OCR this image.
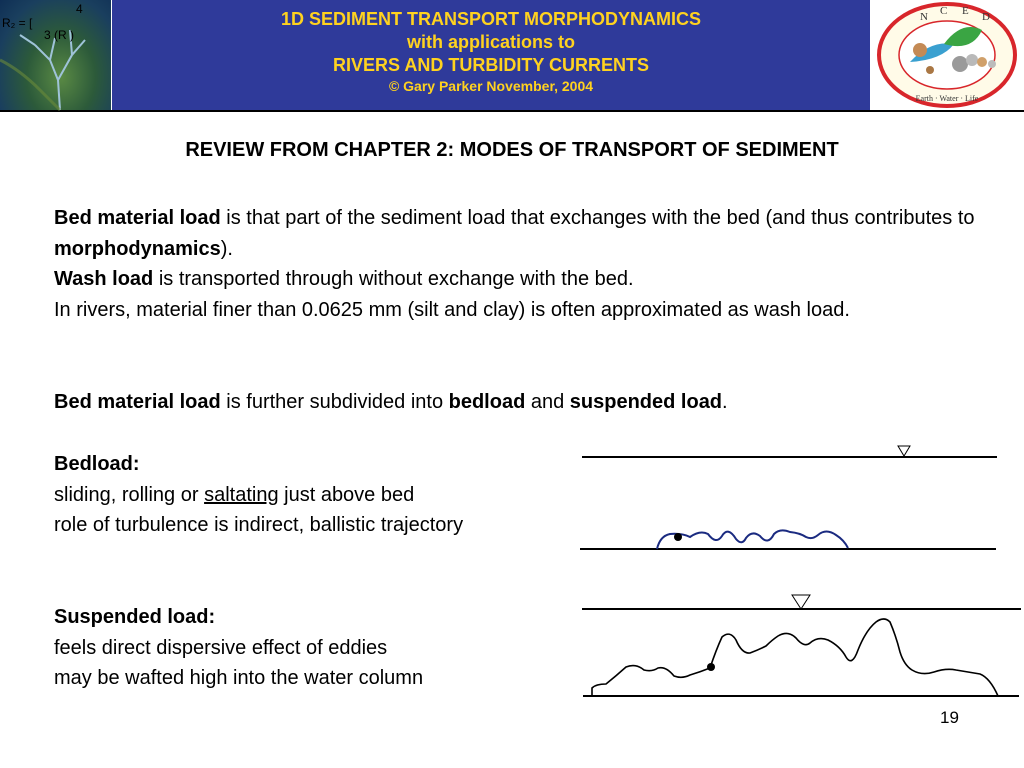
4
R₂ = [
3 (R )
1D SEDIMENT TRANSPORT MORPHODYNAMICS
with applications to
RIVERS AND TURBIDITY CURRENTS
© Gary Parker November, 2004
N C E D
Earth · Water · Life
REVIEW FROM CHAPTER 2: MODES OF TRANSPORT OF SEDIMENT
Bed material load is that part of the sediment load that exchanges with the bed (and thus contributes to morphodynamics).
Wash load is transported through without exchange with the bed.
In rivers, material finer than 0.0625 mm (silt and clay) is often approximated as wash load.
Bed material load is further subdivided into bedload and suspended load.
Bedload:
sliding, rolling or saltating just above bed
role of turbulence is indirect, ballistic trajectory
Suspended load:
feels direct dispersive effect of eddies
may be wafted high into the water column
19
